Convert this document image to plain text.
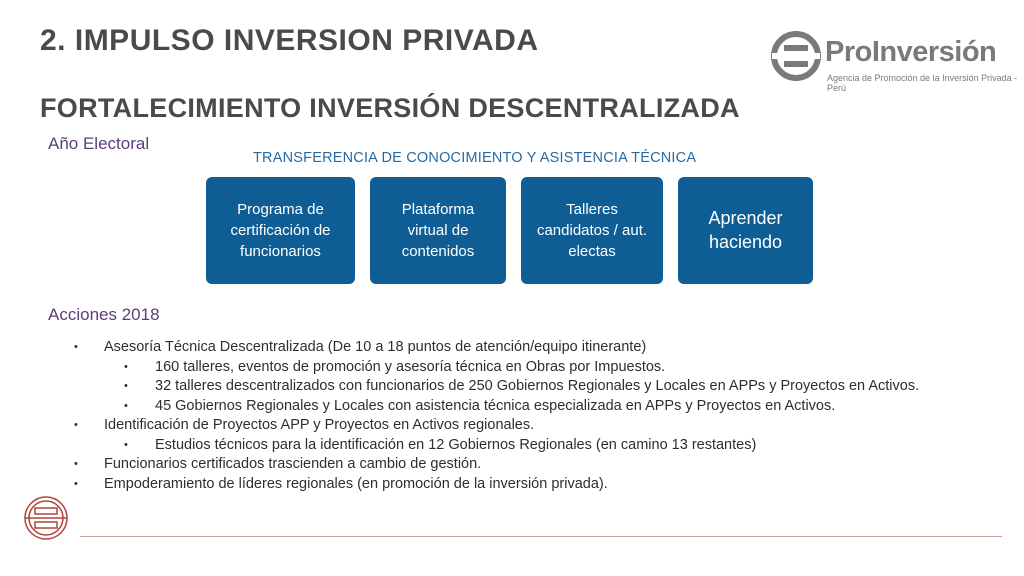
2. IMPULSO INVERSION PRIVADA	ProInversión
Agencia de Promoción de la Inversión Privada - Perú
FORTALECIMIENTO INVERSIÓN DESCENTRALIZADA
Año Electoral
TRANSFERENCIA DE CONOCIMIENTO Y ASISTENCIA TÉCNICA
Programa de certificación de funcionarios
Plataforma virtual de contenidos
Talleres candidatos / aut. electas
Aprender haciendo
Acciones 2018
• Asesoría Técnica Descentralizada (De 10 a 18 puntos de atención/equipo itinerante)
• 160 talleres, eventos de promoción y asesoría técnica en Obras por Impuestos.
• 32 talleres descentralizados con funcionarios de 250 Gobiernos Regionales y Locales en APPs y Proyectos en Activos.
• 45 Gobiernos Regionales y Locales con asistencia técnica especializada en APPs y Proyectos en Activos.
• Identificación de Proyectos APP y Proyectos en Activos regionales.
• Estudios técnicos para la identificación en 12 Gobiernos Regionales (en camino 13 restantes)
• Funcionarios certificados trascienden a cambio de gestión.
• Empoderamiento de líderes regionales (en promoción de la inversión privada).
